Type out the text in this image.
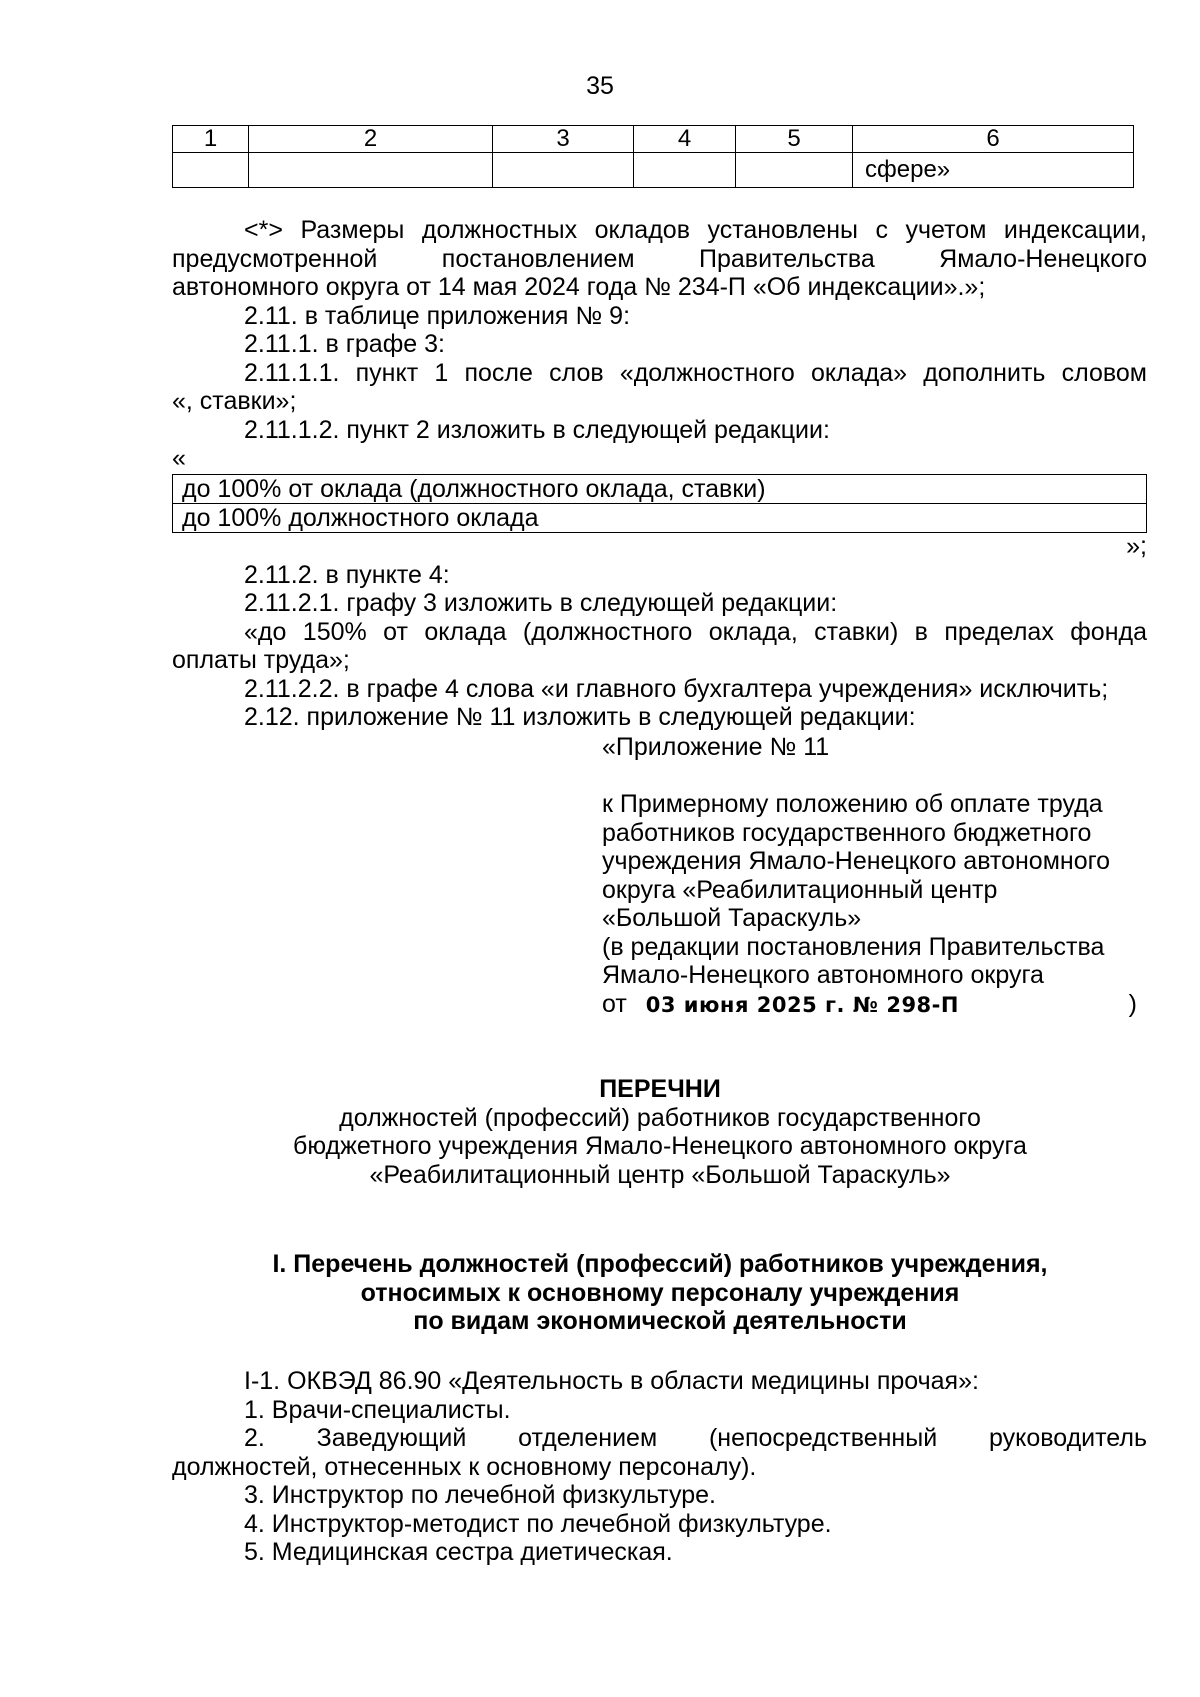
35
1	2	3	4	5	6
					сфере»

<*> Размеры должностных окладов установлены с учетом индексации,

предусмотренной постановлением Правительства Ямало-Ненецкого

автономного округа от 14 мая 2024 года № 234-П «Об индексации».»;

2.11. в таблице приложения № 9:

2.11.1. в графе 3:

2.11.1.1. пункт 1 после слов «должностного оклада» дополнить словом

«, ставки»;

2.11.1.2. пункт 2 изложить в следующей редакции:

«

до 100% от оклада (должностного оклада, ставки)
до 100% должностного оклада

»;

2.11.2. в пункте 4:

2.11.2.1. графу 3 изложить в следующей редакции:

«до 150% от оклада (должностного оклада, ставки) в пределах фонда

оплаты труда»;

2.11.2.2. в графе 4 слова «и главного бухгалтера учреждения» исключить;

2.12. приложение № 11 изложить в следующей редакции:

«Приложение № 11
к Примерному положению об оплате труда
работников государственного бюджетного
учреждения Ямало-Ненецкого автономного
округа «Реабилитационный центр
«Большой Тараскуль»
(в редакции постановления Правительства
Ямало-Ненецкого автономного округа
от 03 июня 2025 г. № 298-П	)
ПЕРЕЧНИ
должностей (профессий) работников государственного
бюджетного учреждения Ямало-Ненецкого автономного округа
«Реабилитационный центр «Большой Тараскуль»
I. Перечень должностей (профессий) работников учреждения,
относимых к основному персоналу учреждения
по видам экономической деятельности

I-1. ОКВЭД 86.90 «Деятельность в области медицины прочая»:

1. Врачи-специалисты.

2. Заведующий отделением (непосредственный руководитель

должностей, отнесенных к основному персоналу).

3. Инструктор по лечебной физкультуре.

4. Инструктор-методист по лечебной физкультуре.

5. Медицинская сестра диетическая.
